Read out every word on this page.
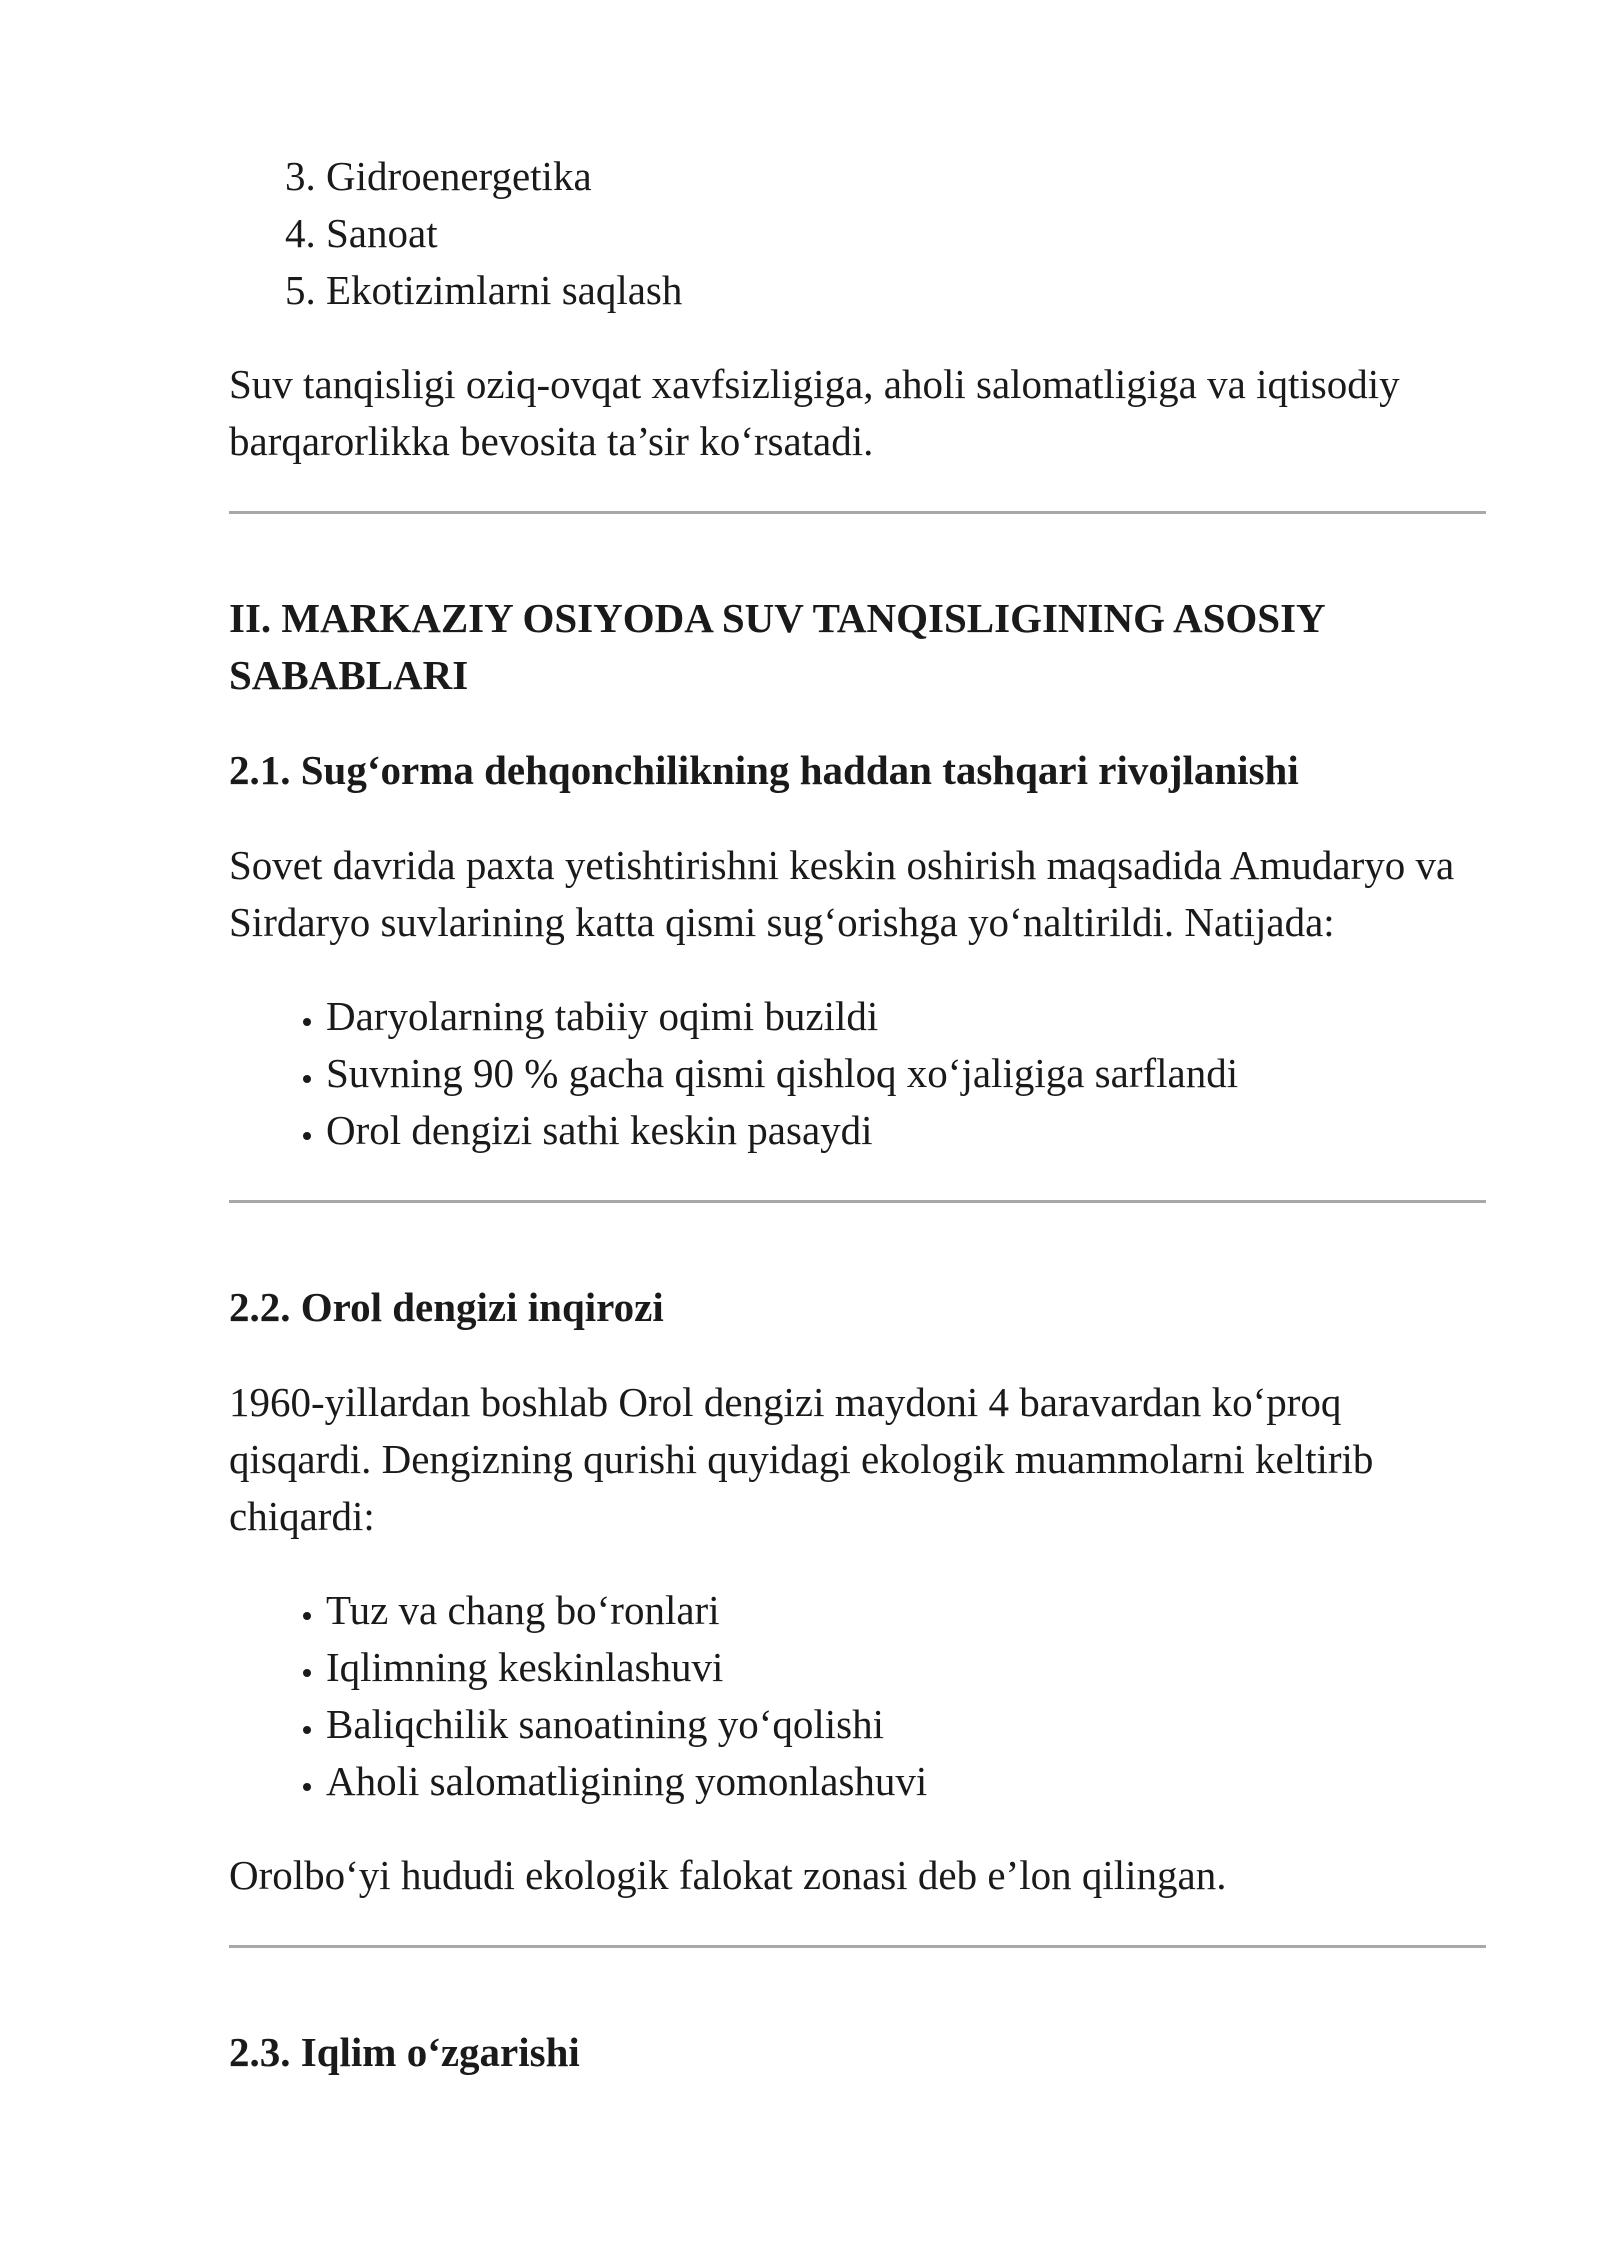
3. Gidroenergetika
4. Sanoat
5. Ekotizimlarni saqlash

Suv tanqisligi oziq-ovqat xavfsizligiga, aholi salomatligiga va iqtisodiy barqarorlikka bevosita ta’sir ko‘rsatadi.

II. MARKAZIY OSIYODA SUV TANQISLIGINING ASOSIY SABABLARI
2.1. Sug‘orma dehqonchilikning haddan tashqari rivojlanishi

Sovet davrida paxta yetishtirishni keskin oshirish maqsadida Amudaryo va Sirdaryo suvlarining katta qismi sug‘orishga yo‘naltirildi. Natijada:

• Daryolarning tabiiy oqimi buzildi
• Suvning 90 % gacha qismi qishloq xo‘jaligiga sarflandi
• Orol dengizi sathi keskin pasaydi
2.2. Orol dengizi inqirozi

1960-yillardan boshlab Orol dengizi maydoni 4 baravardan ko‘proq qisqardi. Dengizning qurishi quyidagi ekologik muammolarni keltirib chiqardi:

• Tuz va chang bo‘ronlari
• Iqlimning keskinlashuvi
• Baliqchilik sanoatining yo‘qolishi
• Aholi salomatligining yomonlashuvi

Orolbo‘yi hududi ekologik falokat zonasi deb e’lon qilingan.

2.3. Iqlim o‘zgarishi
